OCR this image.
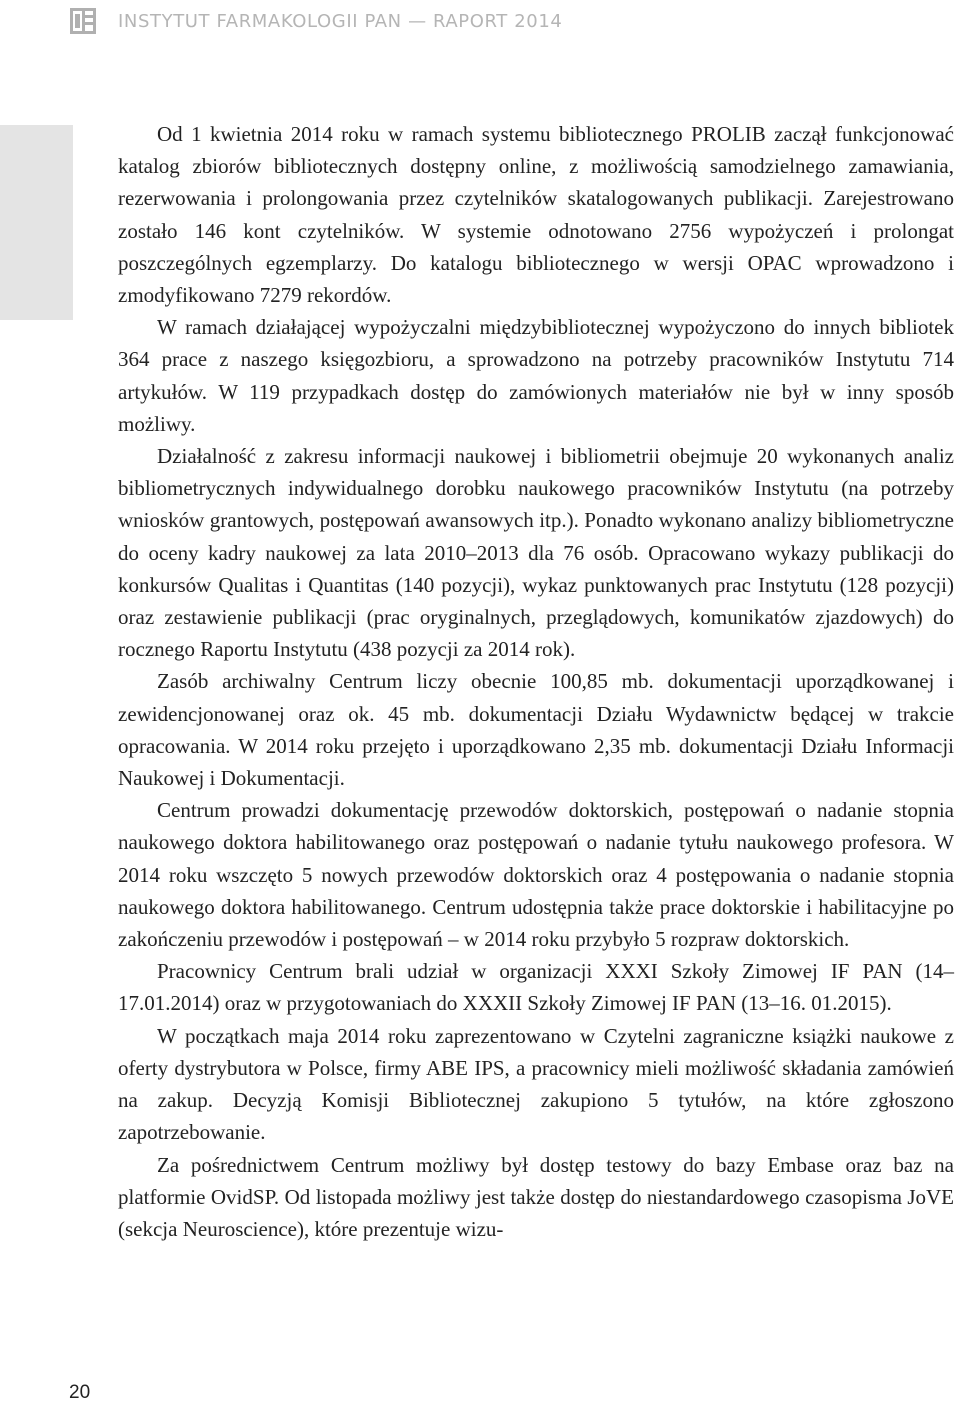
INSTYTUT FARMAKOLOGII PAN — RAPORT 2014

Od 1 kwietnia 2014 roku w ramach systemu bibliotecznego PROLIB zaczął funkcjonować katalog zbiorów bibliotecznych dostępny online, z możliwością samodzielnego zamawiania, rezerwowania i prolongowania przez czytelników skatalogowanych publikacji. Zarejestrowano zostało 146 kont czytelników. W systemie odnotowano 2756 wypożyczeń i prolongat poszczególnych egzemplarzy. Do katalogu bibliotecznego w wersji OPAC wprowadzono i zmodyfikowano 7279 rekordów.

W ramach działającej wypożyczalni międzybibliotecznej wypożyczono do innych bibliotek 364 prace z naszego księgozbioru, a sprowadzono na potrzeby pracowników Instytutu 714 artykułów. W 119 przypadkach dostęp do zamówionych materiałów nie był w inny sposób możliwy.

Działalność z zakresu informacji naukowej i bibliometrii obejmuje 20 wykonanych analiz bibliometrycznych indywidualnego dorobku naukowego pracowników Instytutu (na potrzeby wniosków grantowych, postępowań awansowych itp.). Ponadto wykonano analizy bibliometryczne do oceny kadry naukowej za lata 2010–2013 dla 76 osób. Opracowano wykazy publikacji do konkursów Qualitas i Quantitas (140 pozycji), wykaz punktowanych prac Instytutu (128 pozycji) oraz zestawienie publikacji (prac oryginalnych, przeglądowych, komunikatów zjazdowych) do rocznego Raportu Instytutu (438 pozycji za 2014 rok).

Zasób archiwalny Centrum liczy obecnie 100,85 mb. dokumentacji uporządkowanej i zewidencjonowanej oraz ok. 45 mb. dokumentacji Działu Wydawnictw będącej w trakcie opracowania. W 2014 roku przejęto i uporządkowano 2,35 mb. dokumentacji Działu Informacji Naukowej i Dokumentacji.

Centrum prowadzi dokumentację przewodów doktorskich, postępowań o nadanie stopnia naukowego doktora habilitowanego oraz postępowań o nadanie tytułu naukowego profesora. W 2014 roku wszczęto 5 nowych przewodów doktorskich oraz 4 postępowania o nadanie stopnia naukowego doktora habilitowanego. Centrum udostępnia także prace doktorskie i habilitacyjne po zakończeniu przewodów i postępowań – w 2014 roku przybyło 5 rozpraw doktorskich.

Pracownicy Centrum brali udział w organizacji XXXI Szkoły Zimowej IF PAN (14–17.01.2014) oraz w przygotowaniach do XXXII Szkoły Zimowej IF PAN (13–16. 01.2015).

W początkach maja 2014 roku zaprezentowano w Czytelni zagraniczne książki naukowe z oferty dystrybutora w Polsce, firmy ABE IPS, a pracownicy mieli możliwość składania zamówień na zakup. Decyzją Komisji Bibliotecznej zakupiono 5 tytułów, na które zgłoszono zapotrzebowanie.

Za pośrednictwem Centrum możliwy był dostęp testowy do bazy Embase oraz baz na platformie OvidSP. Od listopada możliwy jest także dostęp do niestandardowego czasopisma JoVE (sekcja Neuroscience), które prezentuje wizu-

20
